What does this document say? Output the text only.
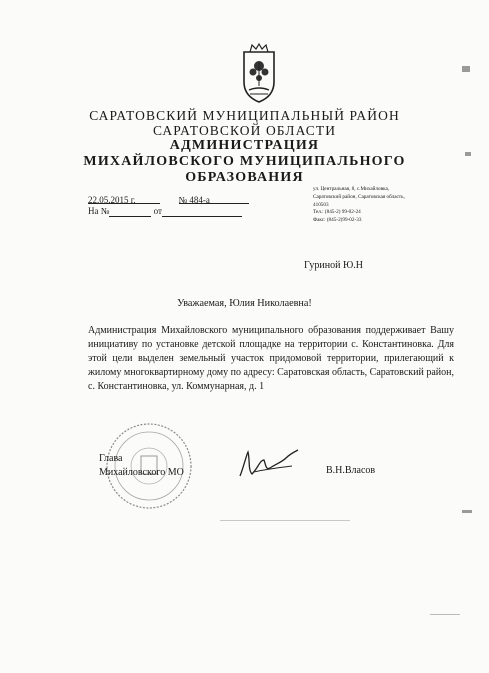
САРАТОВСКИЙ МУНИЦИПАЛЬНЫЙ РАЙОН
САРАТОВСКОЙ ОБЛАСТИ
АДМИНИСТРАЦИЯ
МИХАЙЛОВСКОГО МУНИЦИПАЛЬНОГО
ОБРАЗОВАНИЯ
22.05.2015 г.	№ 484-а
На №	от
ул. Центральная, 8, с.Михайловка,
Саратовский район, Саратовская область,
410503
Тел.: (845-2) 99-02-24
Факс: (845-2)99-02-33
Гуриной Ю.Н
Уважаемая, Юлия Николаевна!
Администрация Михайловского муниципального образования поддерживает Вашу инициативу по установке детской площадке на территории с. Константиновка. Для этой цели выделен земельный участок придомовой территории, прилегающий к жилому многоквартирному дому по адресу: Саратовская область, Саратовский район, с. Константиновка, ул. Коммунарная, д. 1
Глава
Михайловского МО	В.Н.Власов
